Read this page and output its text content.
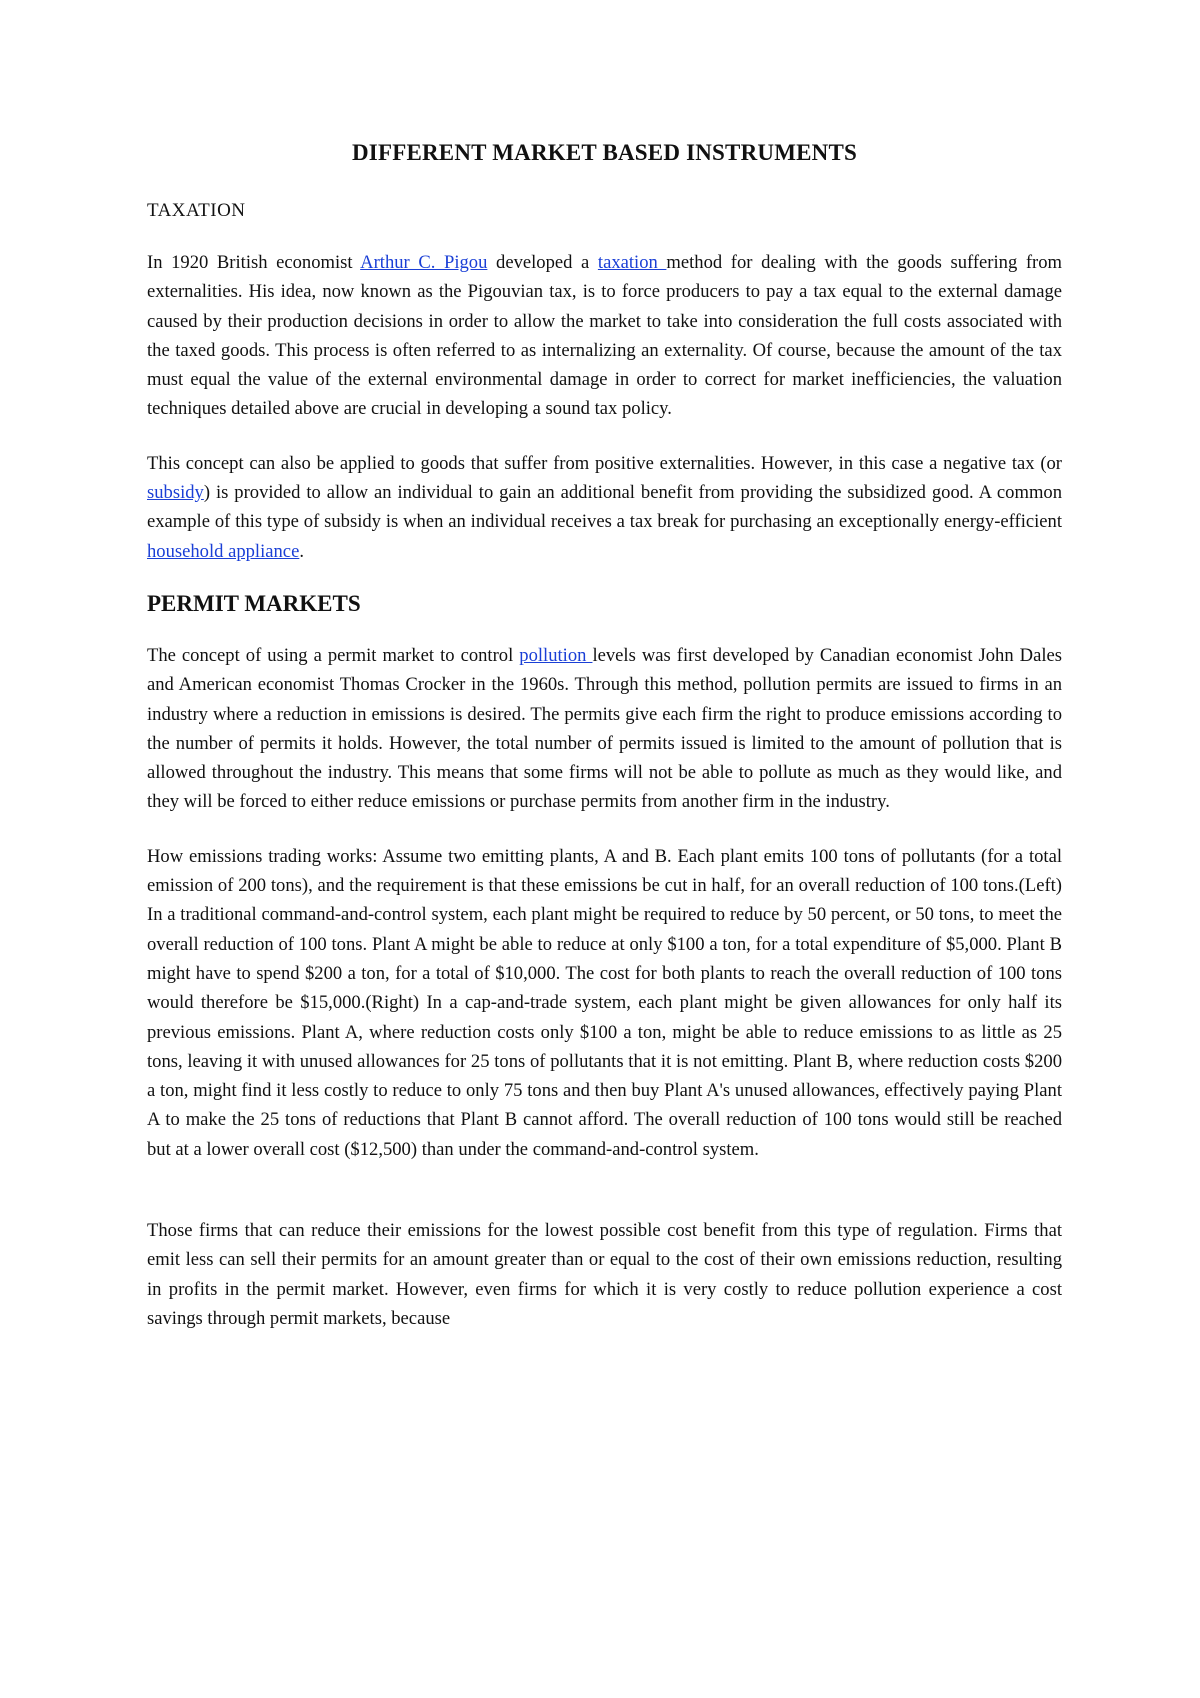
DIFFERENT MARKET BASED INSTRUMENTS
TAXATION

In 1920 British economist Arthur C. Pigou developed a taxation method for dealing with the goods suffering from externalities. His idea, now known as the Pigouvian tax, is to force producers to pay a tax equal to the external damage caused by their production decisions in order to allow the market to take into consideration the full costs associated with the taxed goods. This process is often referred to as internalizing an externality. Of course, because the amount of the tax must equal the value of the external environmental damage in order to correct for market inefficiencies, the valuation techniques detailed above are crucial in developing a sound tax policy.

This concept can also be applied to goods that suffer from positive externalities. However, in this case a negative tax (or subsidy) is provided to allow an individual to gain an additional benefit from providing the subsidized good. A common example of this type of subsidy is when an individual receives a tax break for purchasing an exceptionally energy-efficient household appliance.

PERMIT MARKETS

The concept of using a permit market to control pollution levels was first developed by Canadian economist John Dales and American economist Thomas Crocker in the 1960s. Through this method, pollution permits are issued to firms in an industry where a reduction in emissions is desired. The permits give each firm the right to produce emissions according to the number of permits it holds. However, the total number of permits issued is limited to the amount of pollution that is allowed throughout the industry. This means that some firms will not be able to pollute as much as they would like, and they will be forced to either reduce emissions or purchase permits from another firm in the industry.

How emissions trading works: Assume two emitting plants, A and B. Each plant emits 100 tons of pollutants (for a total emission of 200 tons), and the requirement is that these emissions be cut in half, for an overall reduction of 100 tons.(Left) In a traditional command-and-control system, each plant might be required to reduce by 50 percent, or 50 tons, to meet the overall reduction of 100 tons. Plant A might be able to reduce at only $100 a ton, for a total expenditure of $5,000. Plant B might have to spend $200 a ton, for a total of $10,000. The cost for both plants to reach the overall reduction of 100 tons would therefore be $15,000.(Right) In a cap-and-trade system, each plant might be given allowances for only half its previous emissions. Plant A, where reduction costs only $100 a ton, might be able to reduce emissions to as little as 25 tons, leaving it with unused allowances for 25 tons of pollutants that it is not emitting. Plant B, where reduction costs $200 a ton, might find it less costly to reduce to only 75 tons and then buy Plant A's unused allowances, effectively paying Plant A to make the 25 tons of reductions that Plant B cannot afford. The overall reduction of 100 tons would still be reached but at a lower overall cost ($12,500) than under the command-and-control system.

Those firms that can reduce their emissions for the lowest possible cost benefit from this type of regulation. Firms that emit less can sell their permits for an amount greater than or equal to the cost of their own emissions reduction, resulting in profits in the permit market. However, even firms for which it is very costly to reduce pollution experience a cost savings through permit markets, because
